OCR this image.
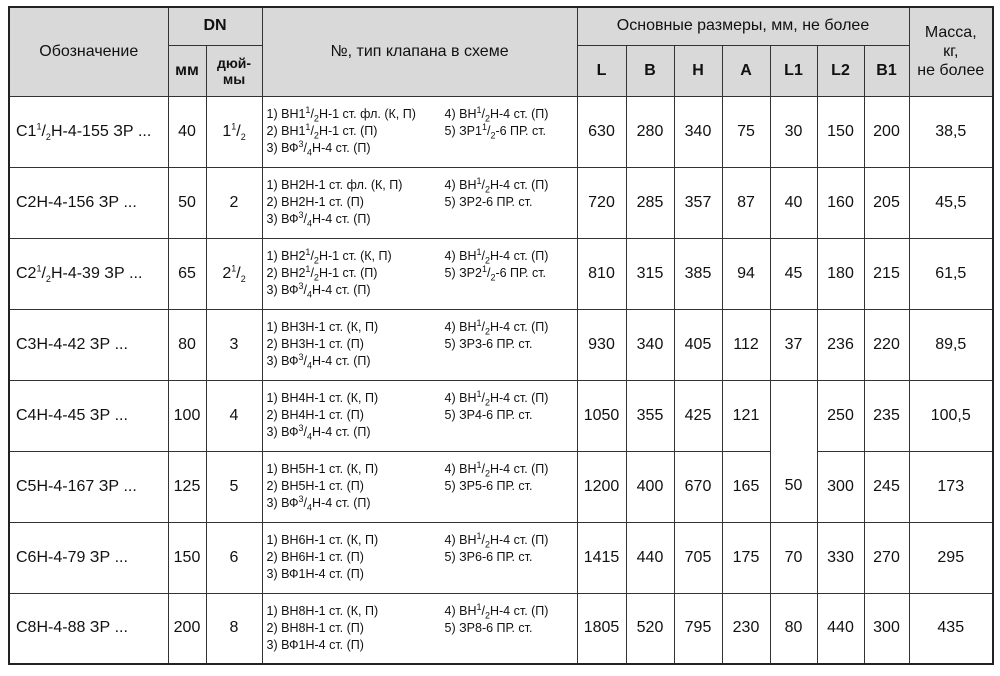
Обозначение	DN		№, тип клапана в схеме	Основные размеры, мм, не более							Масса,
кг,
не более
	мм	дюй-
мы		L	B	H	A	L1	L2	B1	
$С1^1/_2Н-4-155$ ЗР ...	40	$1^1/_2$	1) $ВН1^1/_2Н-1$ ст. фл. (К, П) 4) $ВН^1/_2Н-4$ ст. (П)
2) $ВН1^1/_2Н-1$ ст. (П) 5) $ЗР1^1/_2-6$ ПР. ст.
3) $ВФ^3/_4Н-4$ ст. (П)	630	280	340	75	30	150	200	38,5
С2Н-4-156 ЗР ...	50	2	1) ВН2Н-1 ст. фл. (К, П) 4) $ВН^1/_2Н-4$ ст. (П)
2) ВН2Н-1 ст. (П) 5) ЗР2-6 ПР. ст.
3) $ВФ^3/_4Н-4$ ст. (П)	720	285	357	87	40	160	205	45,5
$С2^1/_2Н-4-39$ ЗР ...	65	$2^1/_2$	1) $ВН2^1/_2Н-1$ ст. (К, П) 4) $ВН^1/_2Н-4$ ст. (П)
2) $ВН2^1/_2Н-1$ ст. (П) 5) $ЗР2^1/_2-6$ ПР. ст.
3) $ВФ^3/_4Н-4$ ст. (П)	810	315	385	94	45	180	215	61,5
С3Н-4-42 ЗР ...	80	3	1) ВН3Н-1 ст. (К, П) 4) $ВН^1/_2Н-4$ ст. (П)
2) ВН3Н-1 ст. (П) 5) ЗР3-6 ПР. ст.
3) $ВФ^3/_4Н-4$ ст. (П)	930	340	405	112	37	236	220	89,5
С4Н-4-45 ЗР ...	100	4	1) ВН4Н-1 ст. (К, П) 4) $ВН^1/_2Н-4$ ст. (П)
2) ВН4Н-1 ст. (П) 5) ЗР4-6 ПР. ст.
3) $ВФ^3/_4Н-4$ ст. (П)	1050	355	425	121	50	250	235	100,5
С5Н-4-167 ЗР ...	125	5	1) ВН5Н-1 ст. (К, П) 4) $ВН^1/_2Н-4$ ст. (П)
2) ВН5Н-1 ст. (П) 5) ЗР5-6 ПР. ст.
3) $ВФ^3/_4Н-4$ ст. (П)	1200	400	670	165		300	245	173
С6Н-4-79 ЗР ...	150	6	1) ВН6Н-1 ст. (К, П) 4) $ВН^1/_2Н-4$ ст. (П)
2) ВН6Н-1 ст. (П) 5) ЗР6-6 ПР. ст.
3) ВФ1Н-4 ст. (П)	1415	440	705	175	70	330	270	295
С8Н-4-88 ЗР ...	200	8	1) ВН8Н-1 ст. (К, П) 4) $ВН^1/_2Н-4$ ст. (П)
2) ВН8Н-1 ст. (П) 5) ЗР8-6 ПР. ст.
3) ВФ1Н-4 ст. (П)	1805	520	795	230	80	440	300	435
